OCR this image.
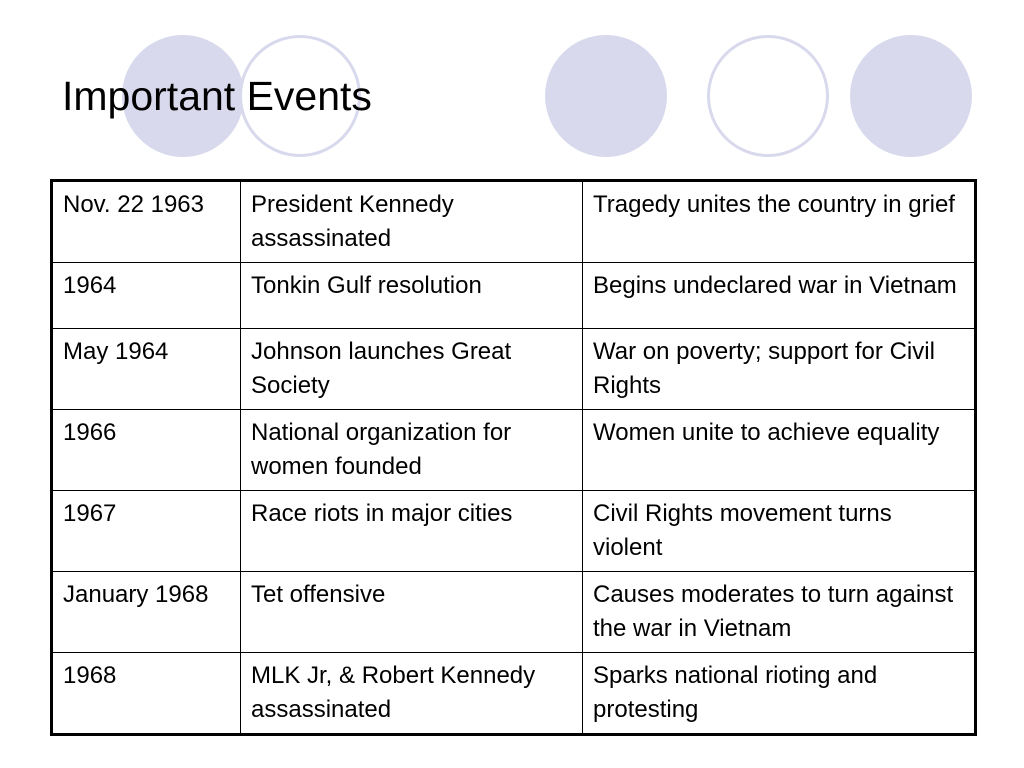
Important Events
Nov. 22 1963	President Kennedy assassinated	Tragedy unites the country in grief
1964	Tonkin Gulf resolution	Begins undeclared war in Vietnam
May 1964	Johnson launches Great Society	War on poverty; support for Civil Rights
1966	National organization for women founded	Women unite to achieve equality
1967	Race riots in major cities	Civil Rights movement turns violent
January 1968	Tet offensive	Causes moderates to turn against the war in Vietnam
1968	MLK Jr, & Robert Kennedy assassinated	Sparks national rioting and protesting
